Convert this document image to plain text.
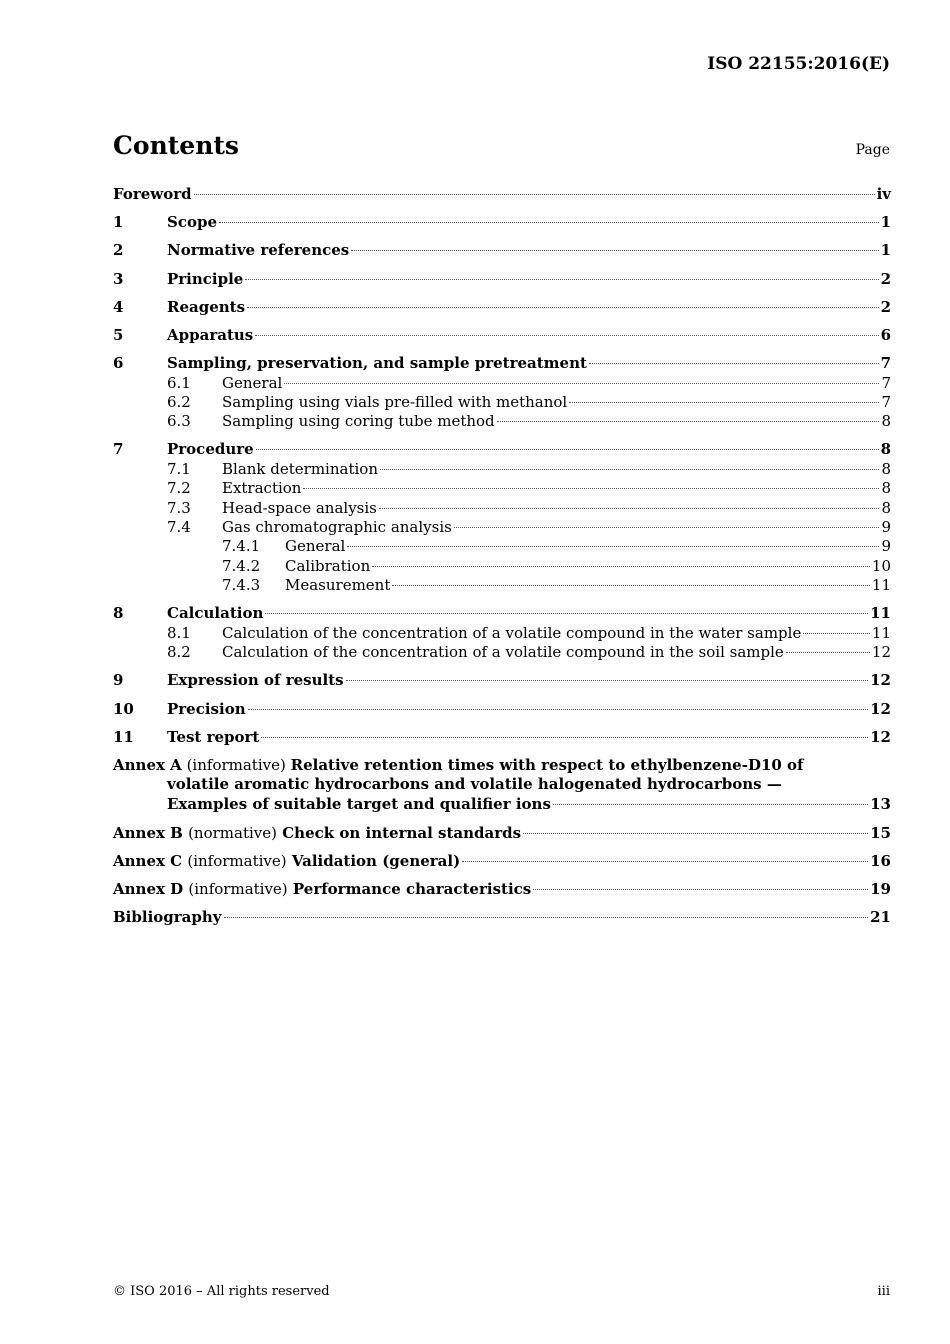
ISO 22155:2016(E)
Contents	Page
Foreword	iv
1	Scope	1
2	Normative references	1
3	Principle	2
4	Reagents	2
5	Apparatus	6
6	Sampling, preservation, and sample pretreatment	7
6.1	General	7
6.2	Sampling using vials pre-filled with methanol	7
6.3	Sampling using coring tube method	8
7	Procedure	8
7.1	Blank determination	8
7.2	Extraction	8
7.3	Head-space analysis	8
7.4	Gas chromatographic analysis	9
7.4.1	General	9
7.4.2	Calibration	10
7.4.3	Measurement	11
8	Calculation	11
8.1	Calculation of the concentration of a volatile compound in the water sample	11
8.2	Calculation of the concentration of a volatile compound in the soil sample	12
9	Expression of results	12
10	Precision	12
11	Test report	12
Annex A (informative) Relative retention times with respect to ethylbenzene-D10 of
volatile aromatic hydrocarbons and volatile halogenated hydrocarbons —
Examples of suitable target and qualifier ions	13
Annex B (normative) Check on internal standards	15
Annex C (informative) Validation (general)	16
Annex D (informative) Performance characteristics	19
Bibliography	21
© ISO 2016 – All rights reserved	iii
